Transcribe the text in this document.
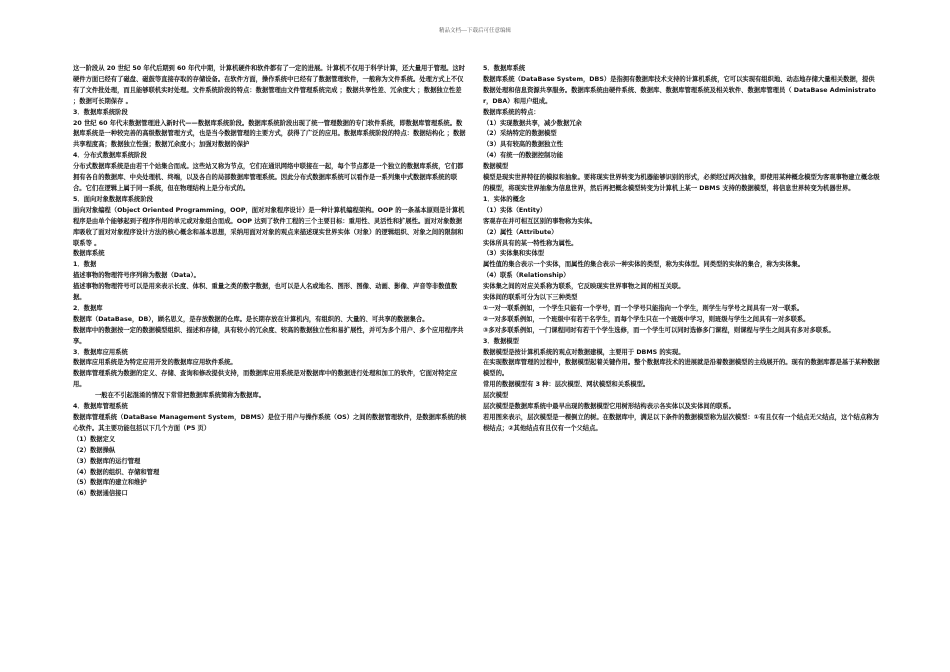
精品文档---下载后可任意编辑

这一阶段从 20 世纪 50 年代后期到 60 年代中期，计算机硬件和软件都有了一定的进展。计算机不仅用于科学计算，还大量用于管理。这时硬件方面已经有了磁盘、磁鼓等直接存取的存储设备。在软件方面，操作系统中已经有了数据管理软件，一般称为文件系统。处理方式上不仅有了文件批处理，而且能够联机实时处理。文件系统阶段的特点：数据管理由文件管理系统完成 ；数据共享性差、冗余度大 ；数据独立性差 ；数据可长期保存 。

3．数据库系统阶段

20 世纪 60 年代末数据管理进入新时代——数据库系统阶段。数据库系统阶段出现了统一管理数据的专门软件系统，即数据库管理系统。数据库系统是一种较完善的高级数据管理方式，也是当今数据管理的主要方式，获得了广泛的应用。数据库系统阶段的特点：数据结构化 ；数据共享程度高；数据独立性强；数据冗余度小；加强对数据的保护

4．分布式数据库系统阶段

分布式数据库系统是由若干个站集合而成。这些站又称为节点，它们在通讯网络中联接在一起，每个节点都是一个独立的数据库系统，它们都拥有各自的数据库、中央处理机、终端，以及各自的局部数据库管理系统。因此分布式数据库系统可以看作是一系列集中式数据库系统的联合。它们在逻辑上属于同一系统，但在物理结构上是分布式的。

5．面向对象数据库系统阶段

面向对象编程（Object Oriented Programming，OOP，面对对象程序设计）是一种计算机编程架构。OOP 的一条基本原则是计算机程序是由单个能够起到子程序作用的单元或对象组合而成。OOP 达到了软件工程的三个主要目标：重用性、灵活性和扩展性。面对对象数据库吸收了面对对象程序设计方法的核心概念和基本思想，采纳用面对对象的观点来描述现实世界实体（对象）的逻辑组织、对象之间的限制和联系等 。

数据库系统

1．数据

描述事物的物理符号序列称为数据（Data）。

描述事物的物理符号可以是用来表示长度、体积、重量之类的数字数据，也可以是人名或地名、图形、图像、动画、影像、声音等非数值数据。

2．数据库

数据库（DataBase，DB），顾名思义，是存放数据的仓库。是长期存放在计算机内，有组织的、大量的、可共享的数据集合。

数据库中的数据按一定的数据模型组织、描述和存储，具有较小的冗余度、较高的数据独立性和易扩展性，并可为多个用户、多个应用程序共享。

3．数据库应用系统

数据库应用系统是为特定应用开发的数据库应用软件系统。

数据库管理系统为数据的定义、存储、查询和修改提供支持，而数据库应用系统是对数据库中的数据进行处理和加工的软件，它面对特定应用。

一般在不引起混淆的情况下常常把数据库系统简称为数据库。

4．数据库管理系统

数据库管理系统（DataBase Management System，DBMS）是位于用户与操作系统（OS）之间的数据管理软件，是数据库系统的核心软件。其主要功能包括以下几个方面（P5 页）

（1）数据定义

（2）数据操纵

（3）数据库的运行管理

（4）数据的组织、存储和管理

（5）数据库的建立和维护

（6）数据通信接口

5．数据库系统

数据库系统（DataBase System，DBS）是指拥有数据库技术支持的计算机系统，它可以实现有组织地、动态地存储大量相关数据，提供数据处理和信息资源共享服务。数据库系统由硬件系统、数据库、数据库管理系统及相关软件、数据库管理员（ DataBase Administrator，DBA）和用户组成。

数据库系统的特点：

（1）实现数据共享，减少数据冗余

（2）采纳特定的数据模型

（3）具有较高的数据独立性

（4）有统一的数据控制功能

数据模型

模型是现实世界特征的模拟和抽象。要将现实世界转变为机器能够识别的形式，必须经过两次抽象，即使用某种概念模型为客观事物建立概念级的模型，将现实世界抽象为信息世界，然后再把概念模型转变为计算机上某一 DBMS 支持的数据模型，将信息世界转变为机器世界。

1．实体的概念

（1）实体（Entity）

客观存在并可相互区别的事物称为实体。

（2）属性（Attribute）

实体所具有的某一特性称为属性。

（3）实体集和实体型

属性值的集合表示一个实体，而属性的集合表示一种实体的类型，称为实体型。同类型的实体的集合，称为实体集。

（4）联系（Relationship）

实体集之间的对应关系称为联系，它反映现实世界事物之间的相互关联。

实体间的联系可分为以下三种类型

①一对一联系例如，一个学生只能有一个学号，而一个学号只能指向一个学生，则学生与学号之间具有一对一联系。

②一对多联系例如，一个班级中有若干名学生，而每个学生只在一个班级中学习，则班级与学生之间具有一对多联系。

③多对多联系例如，一门课程同时有若干个学生选修，而一个学生可以同时选修多门课程，则课程与学生之间具有多对多联系。

3．数据模型

数据模型是按计算机系统的观点对数据建模，主要用于 DBMS 的实现。

在实现数据库管理的过程中，数据模型起着关键作用。整个数据库技术的进展就是沿着数据模型的主线展开的。现有的数据库都是基于某种数据模型的。

常用的数据模型有 3 种：层次模型、网状模型和关系模型。

层次模型

层次模型是数据库系统中最早出现的数据模型它用树形结构表示各实体以及实体间的联系。

若用图来表示，层次模型是一棵倒立的树。在数据库中，满足以下条件的数据模型称为层次模型：①有且仅有一个结点无父结点，这个结点称为根结点；②其他结点有且仅有一个父结点。
